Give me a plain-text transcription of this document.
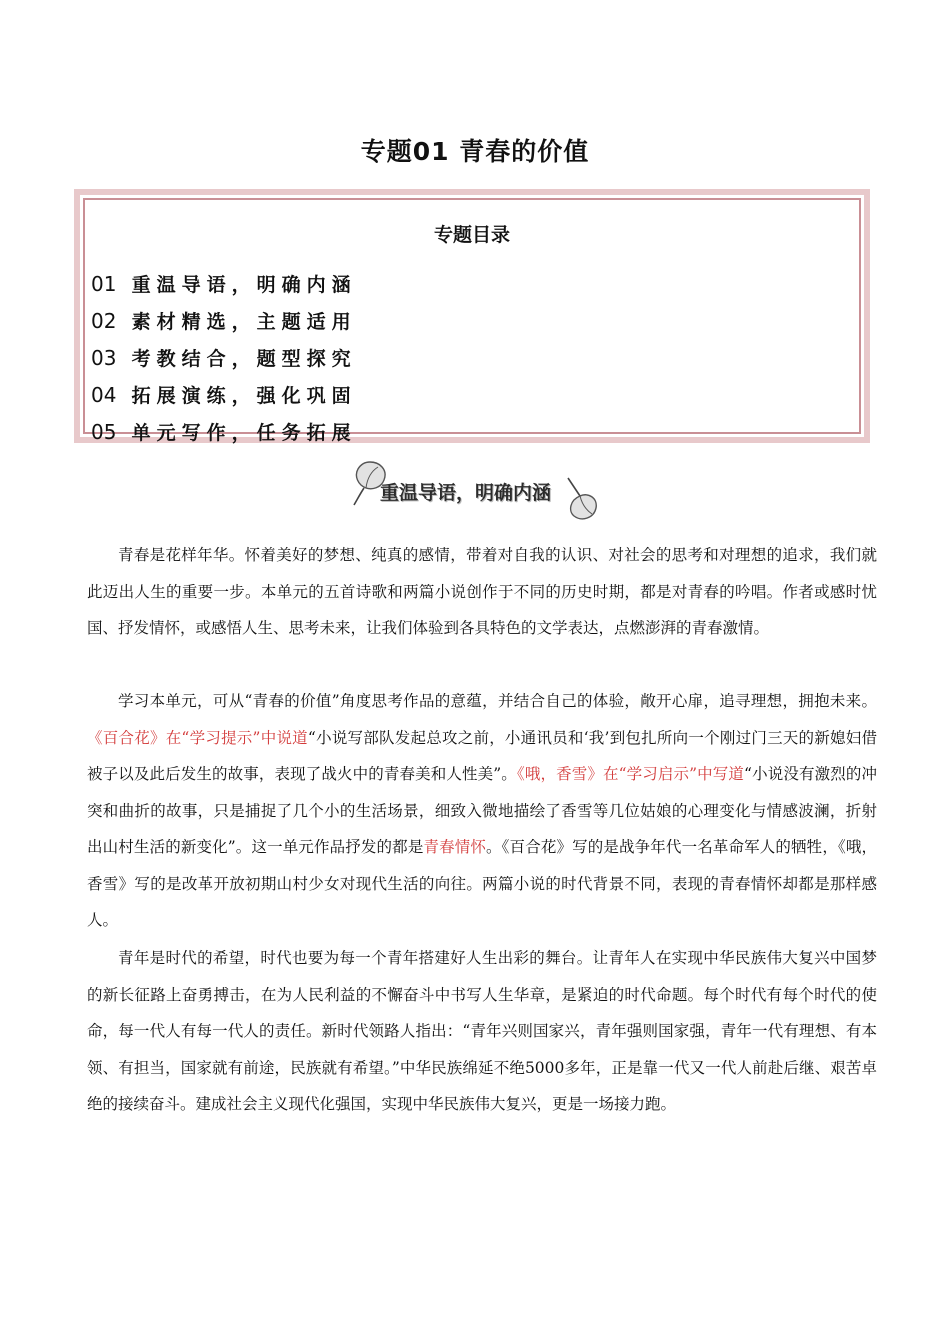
专题01 青春的价值
专题目录
01 重温导语，明确内涵
02 素材精选，主题适用
03 考教结合，题型探究
04 拓展演练，强化巩固
05 单元写作，任务拓展
重温导语，明确内涵

青春是花样年华。怀着美好的梦想、纯真的感情，带着对自我的认识、对社会的思考和对理想的追求，我们就此迈出人生的重要一步。本单元的五首诗歌和两篇小说创作于不同的历史时期，都是对青春的吟唱。作者或感时忧国、抒发情怀，或感悟人生、思考未来，让我们体验到各具特色的文学表达，点燃澎湃的青春激情。

学习本单元，可从“青春的价值”角度思考作品的意蕴，并结合自己的体验，敞开心扉，追寻理想，拥抱未来。《百合花》在“学习提示”中说道“小说写部队发起总攻之前，小通讯员和‘我’到包扎所向一个刚过门三天的新媳妇借被子以及此后发生的故事，表现了战火中的青春美和人性美”。《哦，香雪》在“学习启示”中写道“小说没有激烈的冲突和曲折的故事，只是捕捉了几个小的生活场景，细致入微地描绘了香雪等几位姑娘的心理变化与情感波澜，折射出山村生活的新变化”。这一单元作品抒发的都是青春情怀。《百合花》写的是战争年代一名革命军人的牺牲，《哦，香雪》写的是改革开放初期山村少女对现代生活的向往。两篇小说的时代背景不同，表现的青春情怀却都是那样感人。

青年是时代的希望，时代也要为每一个青年搭建好人生出彩的舞台。让青年人在实现中华民族伟大复兴中国梦的新长征路上奋勇搏击，在为人民利益的不懈奋斗中书写人生华章，是紧迫的时代命题。每个时代有每个时代的使命，每一代人有每一代人的责任。新时代领路人指出：“青年兴则国家兴，青年强则国家强，青年一代有理想、有本领、有担当，国家就有前途，民族就有希望。”中华民族绵延不绝5000多年，正是靠一代又一代人前赴后继、艰苦卓绝的接续奋斗。建成社会主义现代化强国，实现中华民族伟大复兴，更是一场接力跑。
